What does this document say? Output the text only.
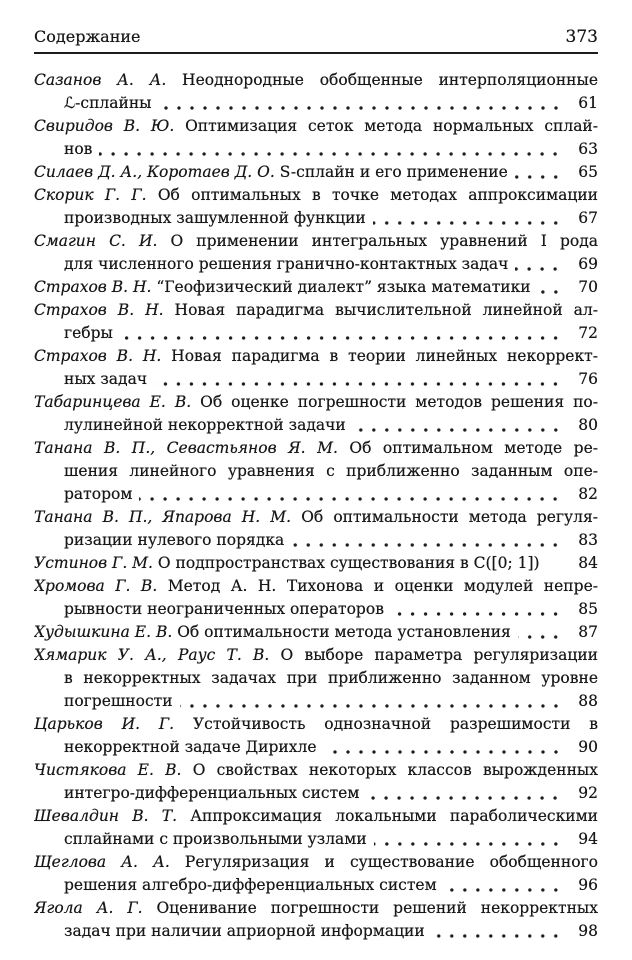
Содержание	373
Сазанов А. А. Неоднородные обобщенные интерполяционные
ℒ-сплайны	61
Свиридов В. Ю. Оптимизация сеток метода нормальных сплай-
нов	63
Силаев Д. А., Коротаев Д. О. S-сплайн и его применение	65
Скорик Г. Г. Об оптимальных в точке методах аппроксимации
производных зашумленной функции	67
Смагин С. И. О применении интегральных уравнений I рода
для численного решения гранично-контактных задач	69
Страхов В. Н. “Геофизический диалект” языка математики	70
Страхов В. Н. Новая парадигма вычислительной линейной ал-
гебры	72
Страхов В. Н. Новая парадигма в теории линейных некоррект-
ных задач	76
Табаринцева Е. В. Об оценке погрешности методов решения по-
лулинейной некорректной задачи	80
Танана В. П., Севастьянов Я. М. Об оптимальном методе ре-
шения линейного уравнения с приближенно заданным опе-
ратором	82
Танана В. П., Япарова Н. М. Об оптимальности метода регуля-
ризации нулевого порядка	83
Устинов Г. М. О подпространствах существования в C([0; 1])	84
Хромова Г. В. Метод А. Н. Тихонова и оценки модулей непре-
рывности неограниченных операторов	85
Худышкина Е. В. Об оптимальности метода установления	87
Хямарик У. А., Раус Т. В. О выборе параметра регуляризации
в некорректных задачах при приближенно заданном уровне
погрешности	88
Царьков И. Г. Устойчивость однозначной разрешимости в
некорректной задаче Дирихле	90
Чистякова Е. В. О свойствах некоторых классов вырожденных
интегро-дифференциальных систем	92
Шевалдин В. Т. Аппроксимация локальными параболическими
сплайнами с произвольными узлами	94
Щеглова А. А. Регуляризация и существование обобщенного
решения алгебро-дифференциальных систем	96
Ягола А. Г. Оценивание погрешности решений некорректных
задач при наличии априорной информации	98
